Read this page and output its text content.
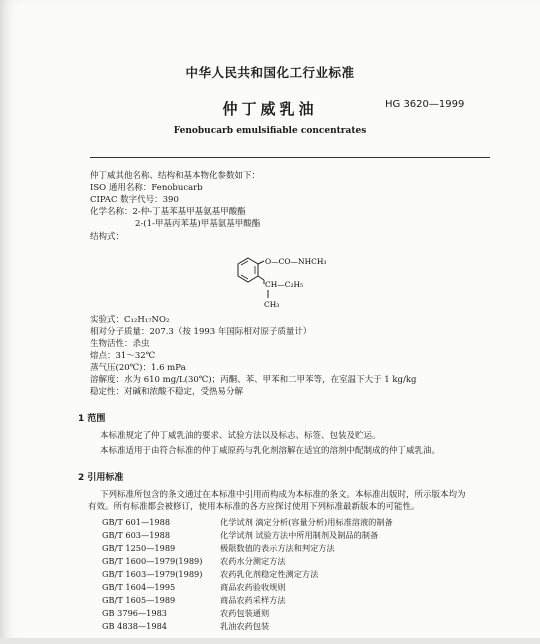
中华人民共和国化工行业标准
仲丁威乳油	HG 3620—1999
Fenobucarb emulsifiable concentrates
仲丁威其他名称、结构和基本物化参数如下：
ISO 通用名称：Fenobucarb
CIPAC 数字代号：390
化学名称：2-仲-丁基苯基甲基氨基甲酸酯
2-(1-甲基丙苯基)甲基氨基甲酸酯
结构式：
O—CO—NHCH₃
CH—C₂H₅
CH₃
实验式：C₁₂H₁₇NO₂
相对分子质量：207.3（按 1993 年国际相对原子质量计）
生物活性：杀虫
熔点：31～32℃
蒸气压(20℃)：1.6 mPa
溶解度：水为 610 mg/L(30℃)；丙酮、苯、甲苯和二甲苯等，在室温下大于 1 kg/kg
稳定性：对碱和浓酸不稳定，受热易分解
1 范围
本标准规定了仲丁威乳油的要求、试验方法以及标志、标签、包装及贮运。
本标准适用于由符合标准的仲丁威原药与乳化剂溶解在适宜的溶剂中配制成的仲丁威乳油。
2 引用标准
下列标准所包含的条文通过在本标准中引用而构成为本标准的条文。本标准出版时，所示版本均为
有效。所有标准都会被修订，使用本标准的各方应探讨使用下列标准最新版本的可能性。
GB/T 601—1988	化学试剂 滴定分析(容量分析)用标准溶液的制备
GB/T 603—1988	化学试剂 试验方法中所用制剂及制品的制备
GB/T 1250—1989	极限数值的表示方法和判定方法
GB/T 1600—1979(1989) 农药水分测定方法
GB/T 1603—1979(1989) 农药乳化剂稳定性测定方法
GB/T 1604—1995	商品农药验收规则
GB/T 1605—1989	商品农药采样方法
GB 3796—1983	农药包装通则
GB 4838—1984	乳油农药包装
